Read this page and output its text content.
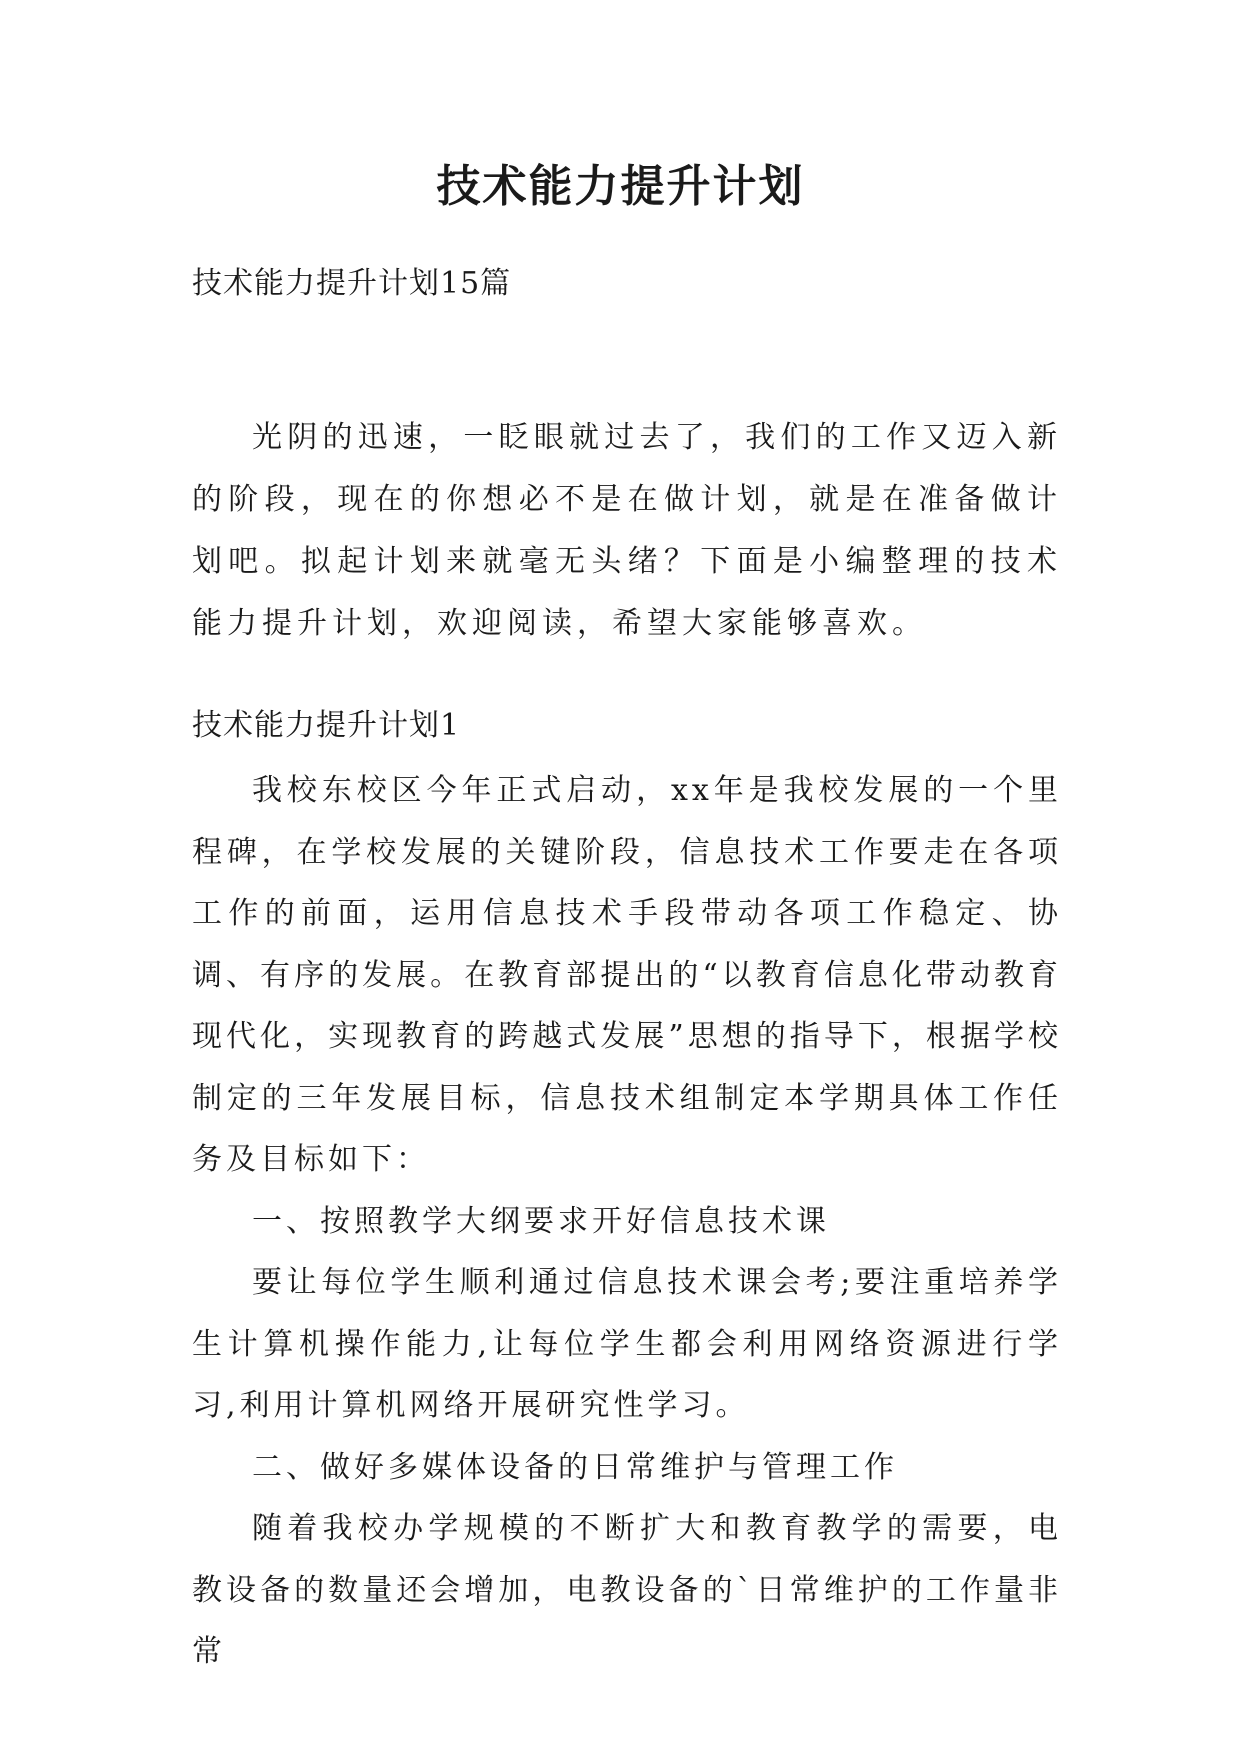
技术能力提升计划

技术能力提升计划15篇

光阴的迅速，一眨眼就过去了，我们的工作又迈入新的阶段，现在的你想必不是在做计划，就是在准备做计划吧。拟起计划来就毫无头绪？下面是小编整理的技术能力提升计划，欢迎阅读，希望大家能够喜欢。

技术能力提升计划1

我校东校区今年正式启动，xx年是我校发展的一个里程碑，在学校发展的关键阶段，信息技术工作要走在各项工作的前面，运用信息技术手段带动各项工作稳定、协调、有序的发展。在教育部提出的“以教育信息化带动教育现代化，实现教育的跨越式发展”思想的指导下，根据学校制定的三年发展目标，信息技术组制定本学期具体工作任务及目标如下：

一、按照教学大纲要求开好信息技术课

要让每位学生顺利通过信息技术课会考;要注重培养学生计算机操作能力,让每位学生都会利用网络资源进行学习,利用计算机网络开展研究性学习。

二、做好多媒体设备的日常维护与管理工作

随着我校办学规模的不断扩大和教育教学的需要，电教设备的数量还会增加，电教设备的`日常维护的工作量非常
